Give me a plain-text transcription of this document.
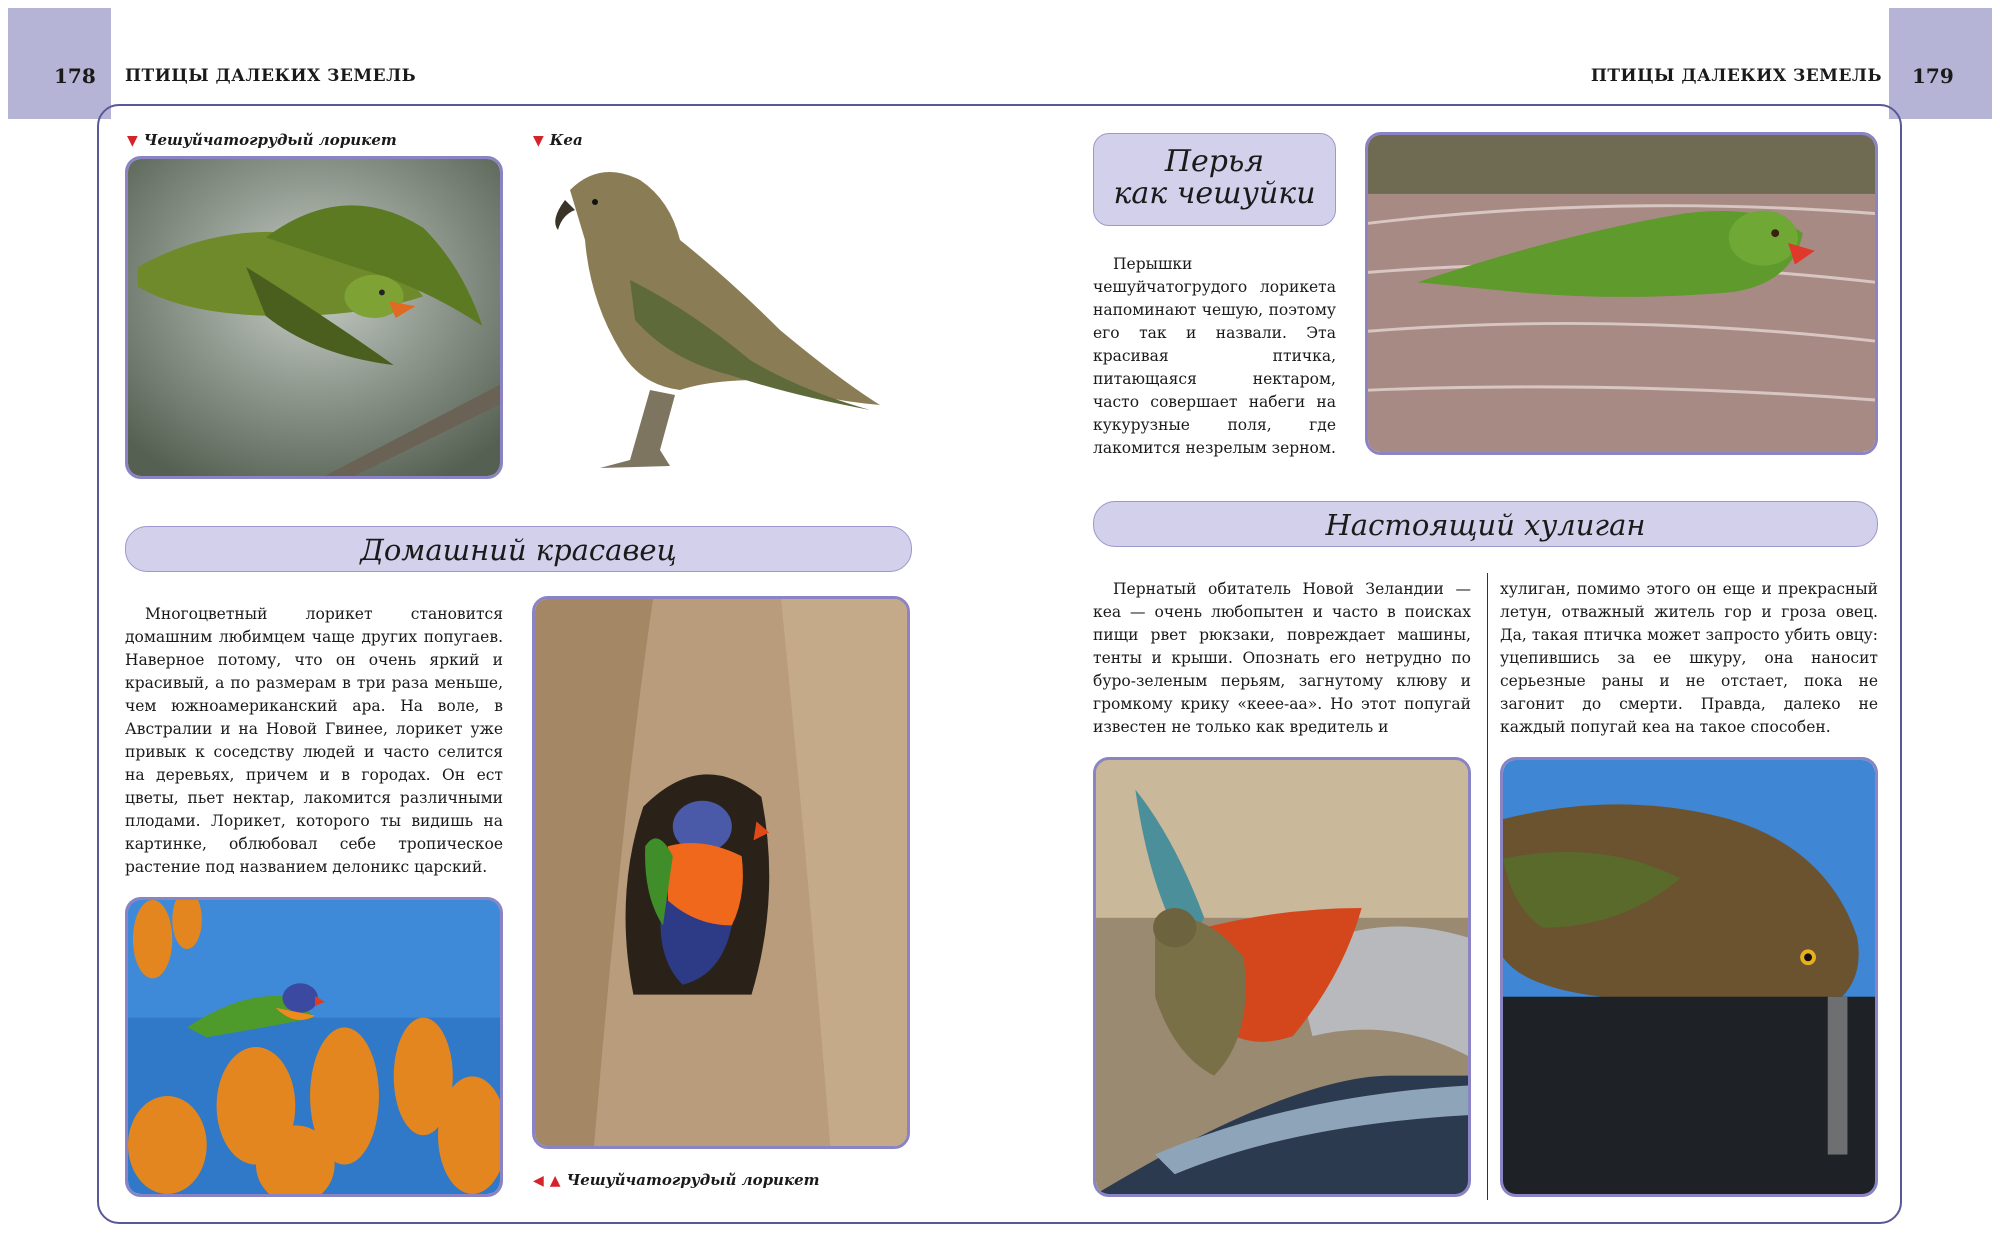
178	179
ПТИЦЫ ДАЛЕКИХ ЗЕМЕЛЬ	ПТИЦЫ ДАЛЕКИХ ЗЕМЕЛЬ
▼ Чешуйчатогрудый лорикет	▼ Кеа
Домашний красавец

Многоцветный лорикет становится домашним любимцем чаще других попугаев. Наверное потому, что он очень яркий и красивый, а по размерам в три раза меньше, чем южноамериканский ара. На воле, в Австралии и на Новой Гвинее, лорикет уже привык к соседству людей и часто селится на деревьях, причем и в городах. Он ест цветы, пьет нектар, лакомится различными плодами. Лорикет, которого ты видишь на картинке, облюбовал себе тропическое растение под названием делоникс царский.

◀ ▲ Чешуйчатогрудый лорикет
Перья
как чешуйки

Перышки чешуйчатогрудого лорикета напоминают чешую, поэтому его так и назвали. Эта красивая птичка, питающаяся нектаром, часто совершает набеги на кукурузные поля, где лакомится незрелым зерном.

Настоящий хулиган

Пернатый обитатель Новой Зеландии — кеа — очень любопытен и часто в поисках пищи рвет рюкзаки, повреждает машины, тенты и крыши. Опознать его нетрудно по буро-зеленым перьям, загнутому клюву и громкому крику «кеее-аа». Но этот попугай известен не только как вредитель и

хулиган, помимо этого он еще и прекрасный летун, отважный житель гор и гроза овец. Да, такая птичка может запросто убить овцу: уцепившись за ее шкуру, она наносит серьезные раны и не отстает, пока не загонит до смерти. Правда, далеко не каждый попугай кеа на такое способен.
